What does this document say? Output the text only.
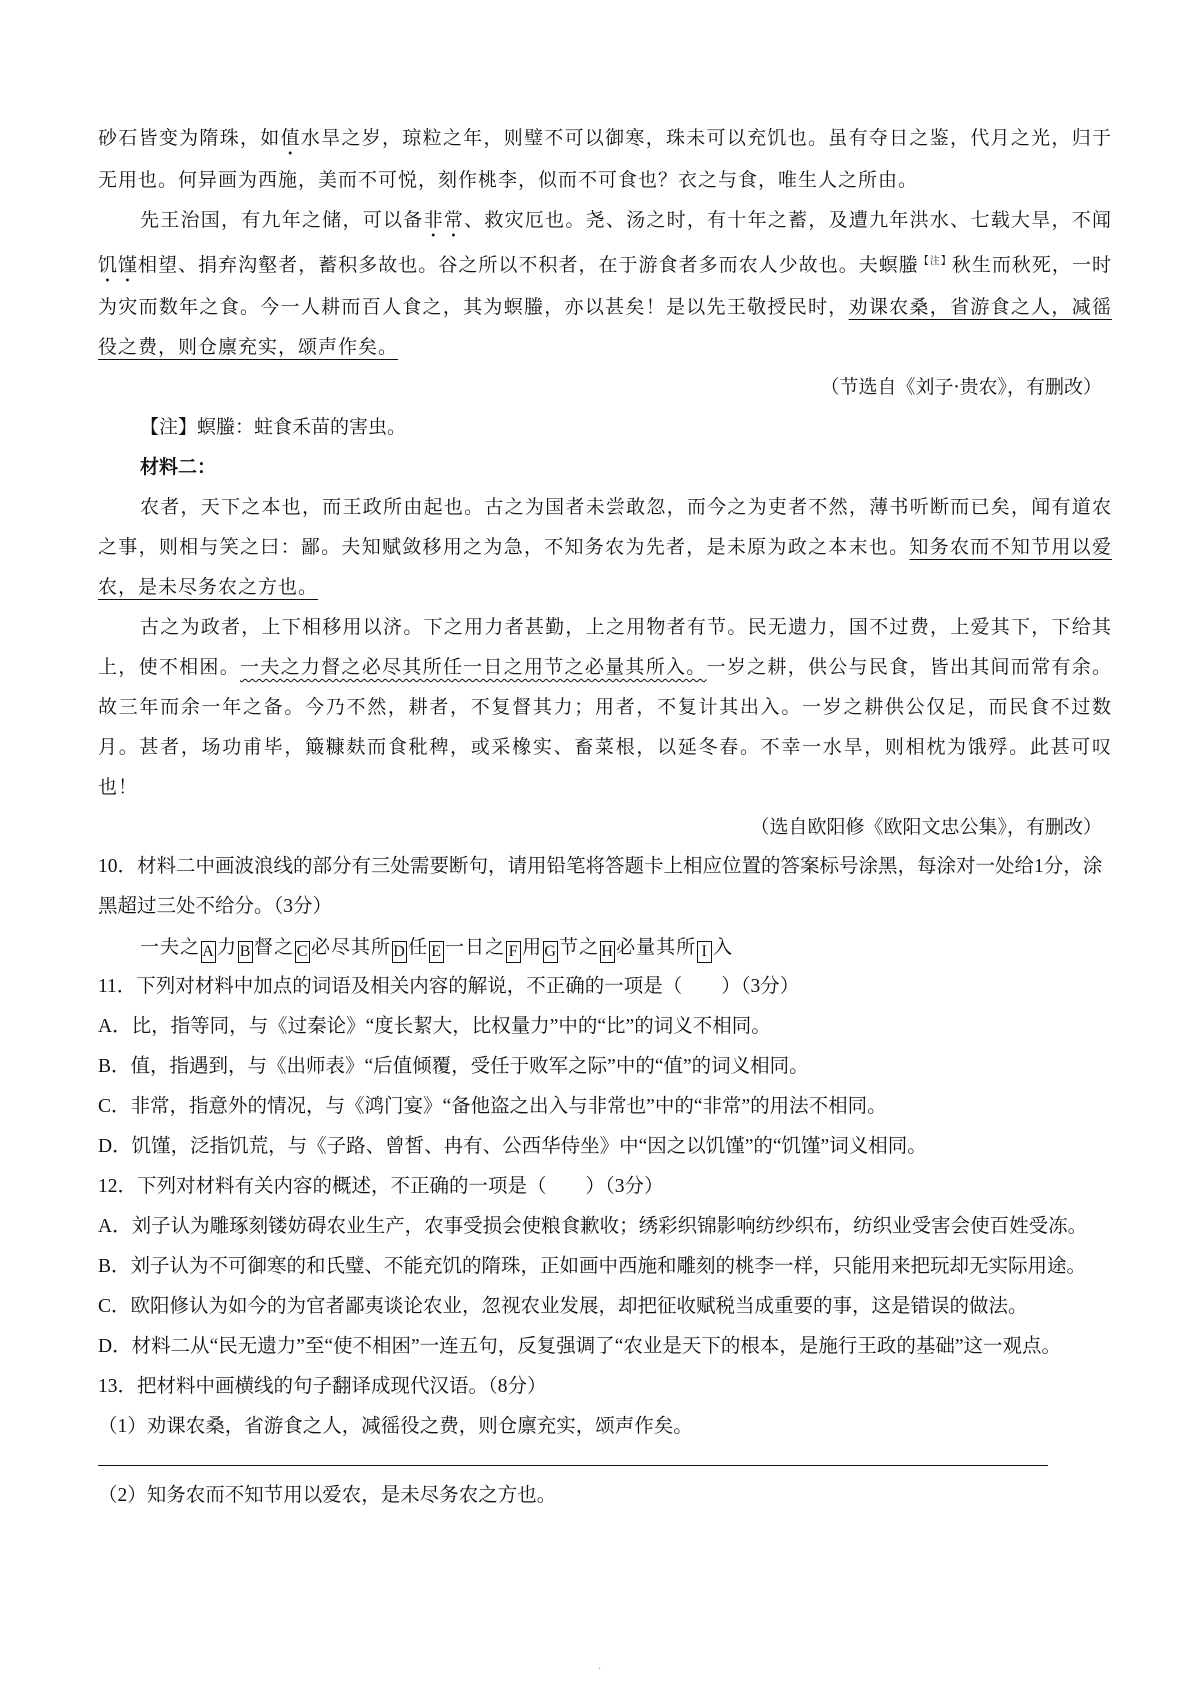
砂石皆变为隋珠，如值水旱之岁，琼粒之年，则璧不可以御寒，珠未可以充饥也。虽有夺日之鉴，代月之光，归于无用也。何异画为西施，美而不可悦，刻作桃李，似而不可食也？衣之与食，唯生人之所由。

先王治国，有九年之储，可以备非常、救灾厄也。尧、汤之时，有十年之蓄，及遭九年洪水、七载大旱，不闻饥馑相望、捐弃沟壑者，蓄积多故也。谷之所以不积者，在于游食者多而农人少故也。夫螟螣$^{【注】}$秋生而秋死，一时为灾而数年之食。今一人耕而百人食之，其为螟螣，亦以甚矣！是以先王敬授民时，劝课农桑，省游食之人，减徭役之费，则仓廪充实，颂声作矣。

（节选自《刘子·贵农》，有删改）

【注】螟螣：蛀食禾苗的害虫。

材料二：

农者，天下之本也，而王政所由起也。古之为国者未尝敢忽，而今之为吏者不然，薄书听断而已矣，闻有道农之事，则相与笑之曰：鄙。夫知赋敛移用之为急，不知务农为先者，是未原为政之本末也。知务农而不知节用以爱农，是未尽务农之方也。

古之为政者，上下相移用以济。下之用力者甚勤，上之用物者有节。民无遗力，国不过费，上爱其下，下给其上，使不相困。一夫之力督之必尽其所任一日之用节之必量其所入。一岁之耕，供公与民食，皆出其间而常有余。故三年而余一年之备。今乃不然，耕者，不复督其力；用者，不复计其出入。一岁之耕供公仅足，而民食不过数月。甚者，场功甫毕，簸糠麸而食秕稗，或采橡实、畜菜根，以延冬春。不幸一水旱，则相枕为饿殍。此甚可叹也！

（选自欧阳修《欧阳文忠公集》，有删改）

10．材料二中画波浪线的部分有三处需要断句，请用铅笔将答题卡上相应位置的答案标号涂黑，每涂对一处给1分，涂黑超过三处不给分。（3分）

一夫之 A 力 B 督之 C 必尽其所 D 任 E 一日之 F 用 G 节之 H 必量其所 I 入

11．下列对材料中加点的词语及相关内容的解说，不正确的一项是（　　）（3分）

A．比，指等同，与《过秦论》“度长絜大，比权量力”中的“比”的词义不相同。

B．值，指遇到，与《出师表》“后值倾覆，受任于败军之际”中的“值”的词义相同。

C．非常，指意外的情况，与《鸿门宴》“备他盗之出入与非常也”中的“非常”的用法不相同。

D．饥馑，泛指饥荒，与《子路、曾皙、冉有、公西华侍坐》中“因之以饥馑”的“饥馑”词义相同。

12．下列对材料有关内容的概述，不正确的一项是（　　）（3分）

A．刘子认为雕琢刻镂妨碍农业生产，农事受损会使粮食歉收；绣彩织锦影响纺纱织布，纺织业受害会使百姓受冻。

B．刘子认为不可御寒的和氏璧、不能充饥的隋珠，正如画中西施和雕刻的桃李一样，只能用来把玩却无实际用途。

C．欧阳修认为如今的为官者鄙夷谈论农业，忽视农业发展，却把征收赋税当成重要的事，这是错误的做法。

D．材料二从“民无遗力”至“使不相困”一连五句，反复强调了“农业是天下的根本，是施行王政的基础”这一观点。

13．把材料中画横线的句子翻译成现代汉语。（8分）

（1）劝课农桑，省游食之人，减徭役之费，则仓廪充实，颂声作矣。

（2）知务农而不知节用以爱农，是未尽务农之方也。

·
